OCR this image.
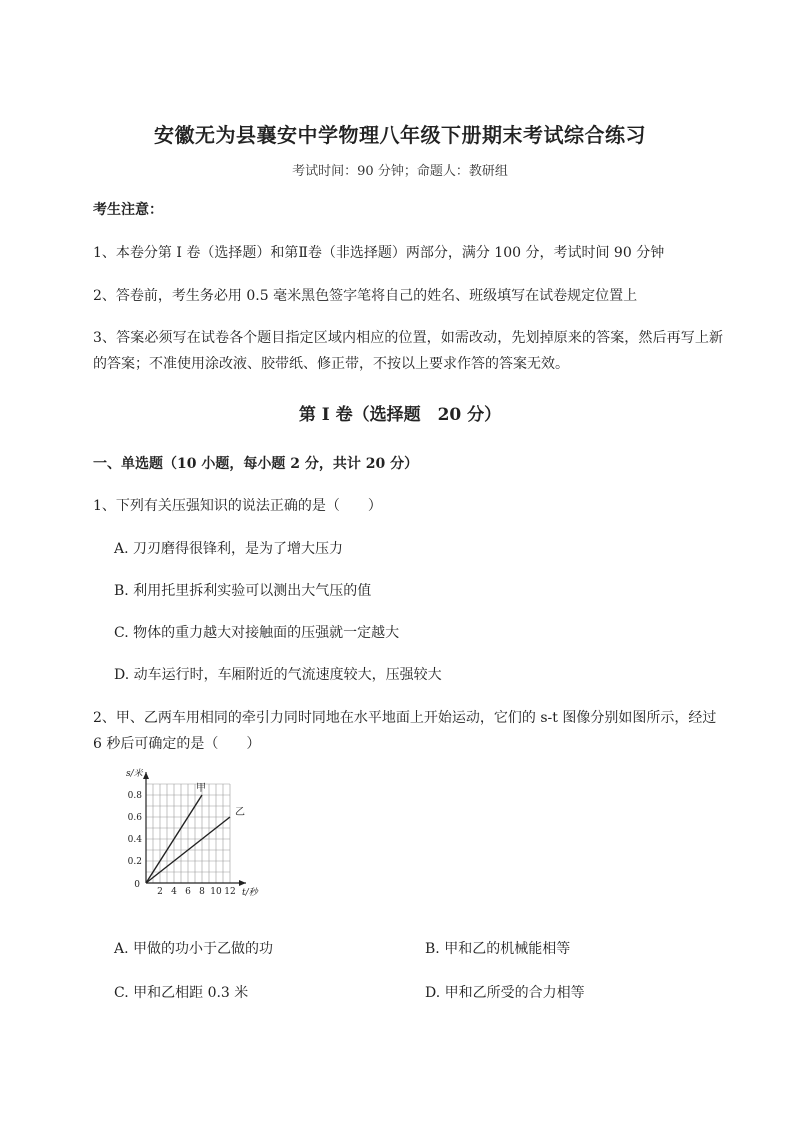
安徽无为县襄安中学物理八年级下册期末考试综合练习
考试时间：90 分钟；命题人：教研组
考生注意：
1、本卷分第 I 卷（选择题）和第Ⅱ卷（非选择题）两部分，满分 100 分，考试时间 90 分钟
2、答卷前，考生务必用 0.5 毫米黑色签字笔将自己的姓名、班级填写在试卷规定位置上
3、答案必须写在试卷各个题目指定区域内相应的位置，如需改动，先划掉原来的答案，然后再写上新的答案；不准使用涂改液、胶带纸、修正带，不按以上要求作答的答案无效。
第 I 卷（选择题　20 分）
一、单选题（10 小题，每小题 2 分，共计 20 分）
1、下列有关压强知识的说法正确的是（　　）
A. 刀刃磨得很锋利，是为了增大压力
B. 利用托里拆利实验可以测出大气压的值
C. 物体的重力越大对接触面的压强就一定越大
D. 动车运行时，车厢附近的气流速度较大，压强较大
2、甲、乙两车用相同的牵引力同时同地在水平地面上开始运动，它们的 s-t 图像分别如图所示，经过
6 秒后可确定的是（　　）
2 4 6 8 10 12
0.2
0.4
0.6
0.8
0
s/米
t/秒
甲
乙
A. 甲做的功小于乙做的功	B. 甲和乙的机械能相等
C. 甲和乙相距 0.3 米	D. 甲和乙所受的合力相等
